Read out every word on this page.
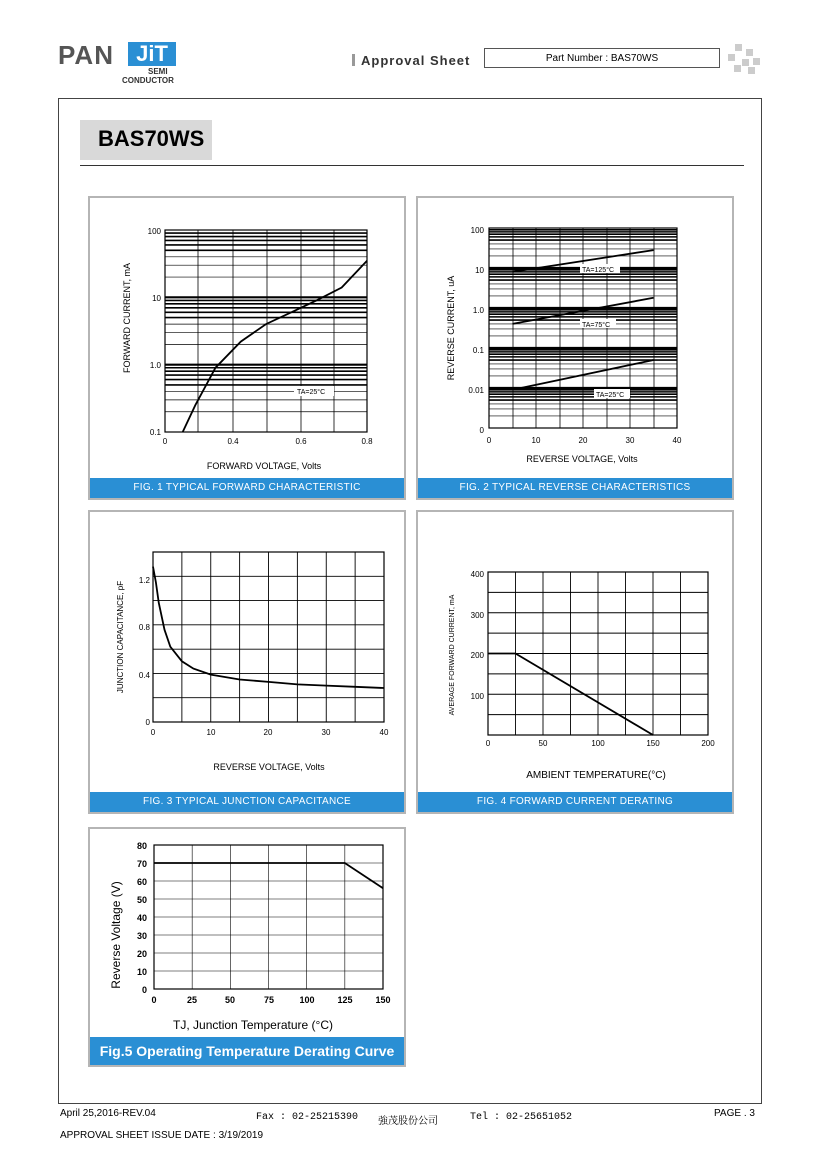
PAN	JiT
SEMI
CONDUCTOR
Approval Sheet	Part Number : BAS70WS
BAS70WS
FORWARD VOLTAGE, Volts
FORWARD CURRENT, mA
100
10
1.0
0.1
0	0.4	0.6	0.8
TA=25°C
FIG. 1 TYPICAL FORWARD CHARACTERISTIC
REVERSE VOLTAGE, Volts
REVERSE CURRENT, uA
100
10
1.0
0.1
0.01
0
0	10	20	30	40
TA=125°C
TA=75°C
TA=25°C
FIG. 2 TYPICAL REVERSE CHARACTERISTICS
REVERSE VOLTAGE, Volts
JUNCTION CAPACITANCE, pF
1.2
0.8
0.4
0
0	10	20	30	40
FIG. 3 TYPICAL JUNCTION CAPACITANCE
AMBIENT TEMPERATURE(°C)
AVERAGE FORWARD CURRENT, mA
400
300
200
100
0	50	100	150	200
FIG. 4 FORWARD CURRENT DERATING
TJ, Junction Temperature (°C)
Reverse Voltage (V)
80
70
60
50
40
30
20
10
0
0	25	50	75	100	125	150
Fig.5 Operating Temperature Derating Curve
April 25,2016-REV.04	Fax : 02-25215390 強茂股份公司	Tel : 02-25651052	PAGE . 3
APPROVAL SHEET ISSUE DATE : 3/19/2019
